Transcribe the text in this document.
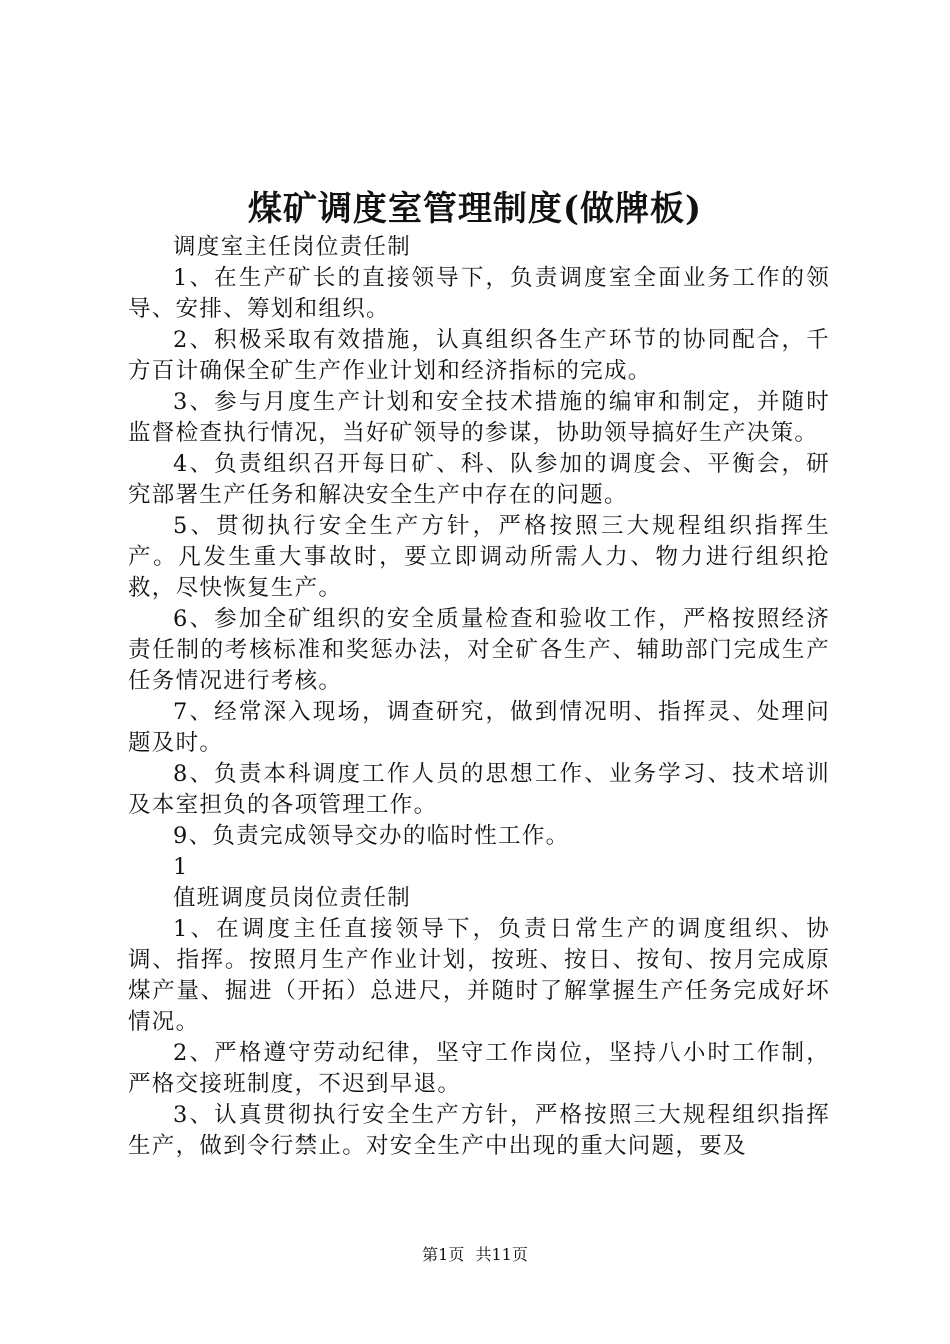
煤矿调度室管理制度(做牌板)

调度室主任岗位责任制

1、在生产矿长的直接领导下，负责调度室全面业务工作的领导、安排、筹划和组织。

2、积极采取有效措施，认真组织各生产环节的协同配合，千方百计确保全矿生产作业计划和经济指标的完成。

3、参与月度生产计划和安全技术措施的编审和制定，并随时监督检查执行情况，当好矿领导的参谋，协助领导搞好生产决策。

4、负责组织召开每日矿、科、队参加的调度会、平衡会，研究部署生产任务和解决安全生产中存在的问题。

5、贯彻执行安全生产方针，严格按照三大规程组织指挥生产。凡发生重大事故时，要立即调动所需人力、物力进行组织抢救，尽快恢复生产。

6、参加全矿组织的安全质量检查和验收工作，严格按照经济责任制的考核标准和奖惩办法，对全矿各生产、辅助部门完成生产任务情况进行考核。

7、经常深入现场，调查研究，做到情况明、指挥灵、处理问题及时。

8、负责本科调度工作人员的思想工作、业务学习、技术培训及本室担负的各项管理工作。

9、负责完成领导交办的临时性工作。

1

值班调度员岗位责任制

1、在调度主任直接领导下，负责日常生产的调度组织、协调、指挥。按照月生产作业计划，按班、按日、按旬、按月完成原煤产量、掘进（开拓）总进尺，并随时了解掌握生产任务完成好坏情况。

2、严格遵守劳动纪律，坚守工作岗位，坚持八小时工作制，严格交接班制度，不迟到早退。

3、认真贯彻执行安全生产方针，严格按照三大规程组织指挥生产，做到令行禁止。对安全生产中出现的重大问题，要及

第1页 共11页
